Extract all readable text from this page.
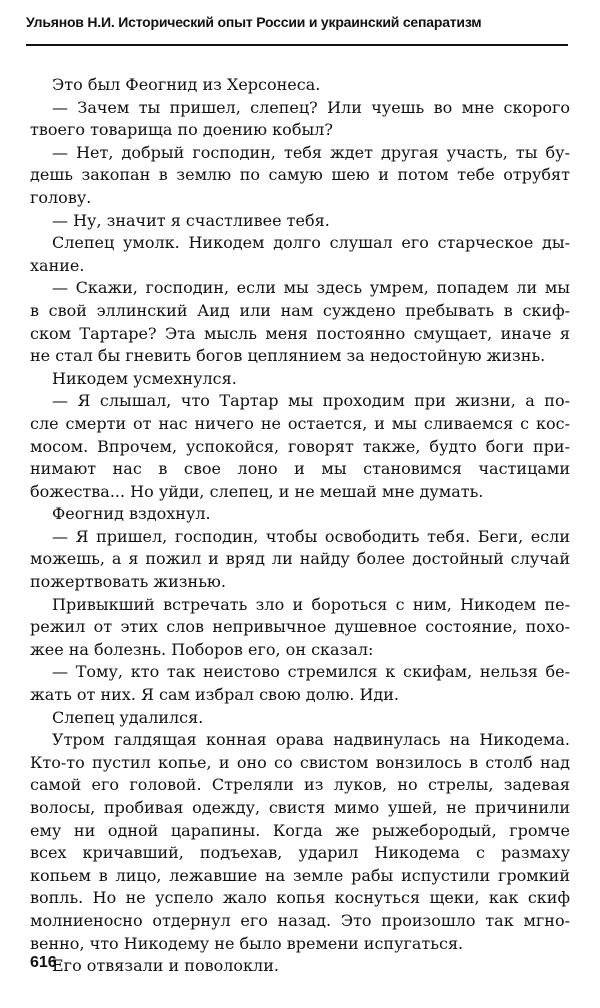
Ульянов Н.И. Исторический опыт России и украинский сепаратизм
Это был Феогнид из Херсонеса.
— Зачем ты пришел, слепец? Или чуешь во мне скорого
твоего товарища по доению кобыл?
— Нет, добрый господин, тебя ждет другая участь, ты бу-
дешь закопан в землю по самую шею и потом тебе отрубят
голову.
— Ну, значит я счастливее тебя.
Слепец умолк. Никодем долго слушал его старческое ды-
хание.
— Скажи, господин, если мы здесь умрем, попадем ли мы
в свой эллинский Аид или нам суждено пребывать в скиф-
ском Тартаре? Эта мысль меня постоянно смущает, иначе я
не стал бы гневить богов цеплянием за недостойную жизнь.
Никодем усмехнулся.
— Я слышал, что Тартар мы проходим при жизни, а по-
сле смерти от нас ничего не остается, и мы сливаемся с кос-
мосом. Впрочем, успокойся, говорят также, будто боги при-
нимают нас в свое лоно и мы становимся частицами
божества... Но уйди, слепец, и не мешай мне думать.
Феогнид вздохнул.
— Я пришел, господин, чтобы освободить тебя. Беги, если
можешь, а я пожил и вряд ли найду более достойный случай
пожертвовать жизнью.
Привыкший встречать зло и бороться с ним, Никодем пе-
режил от этих слов непривычное душевное состояние, похо-
жее на болезнь. Поборов его, он сказал:
— Тому, кто так неистово стремился к скифам, нельзя бе-
жать от них. Я сам избрал свою долю. Иди.
Слепец удалился.
Утром галдящая конная орава надвинулась на Никодема.
Кто-то пустил копье, и оно со свистом вонзилось в столб над
самой его головой. Стреляли из луков, но стрелы, задевая
волосы, пробивая одежду, свистя мимо ушей, не причинили
ему ни одной царапины. Когда же рыжебородый, громче
всех кричавший, подъехав, ударил Никодема с размаху
копьем в лицо, лежавшие на земле рабы испустили громкий
вопль. Но не успело жало копья коснуться щеки, как скиф
молниеносно отдернул его назад. Это произошло так мгно-
венно, что Никодему не было времени испугаться.
Его отвязали и поволокли.
616
